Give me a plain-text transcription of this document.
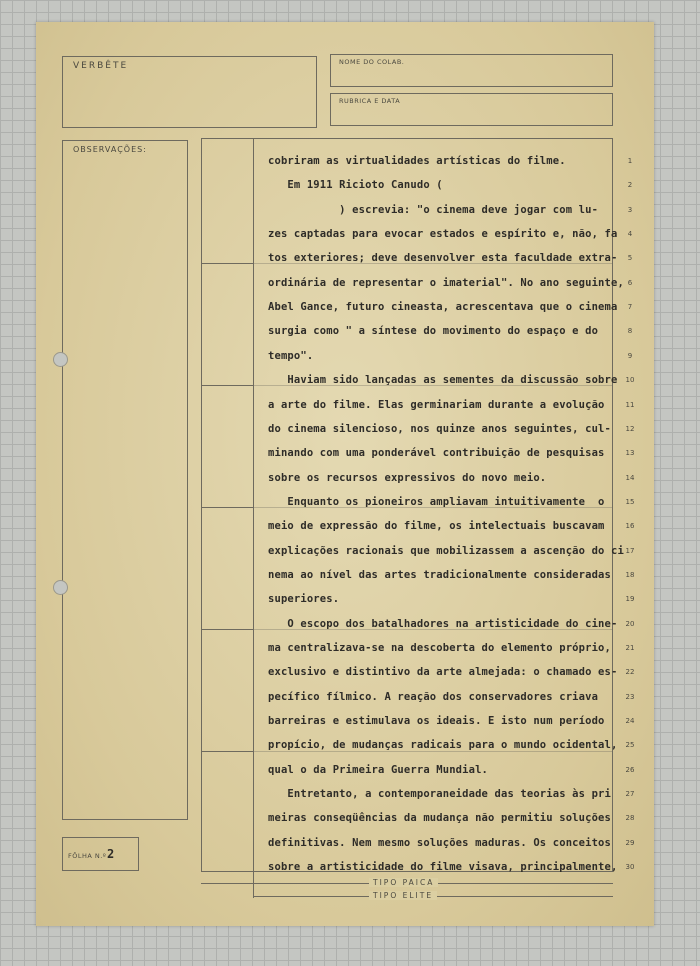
VERBÊTE	NOME DO COLAB.
RUBRICA E DATA
OBSERVAÇÕES:
FÔLHA N.º 2
TIPO PAICA
TIPO ELITE
cobriram as virtualidades artísticas do filme.
Em 1911 Ricioto Canudo (
) escrevia: "o cinema deve jogar com lu-
zes captadas para evocar estados e espírito e, não, fa
tos exteriores; deve desenvolver esta faculdade extra-
ordinária de representar o imaterial". No ano seguinte,
Abel Gance, futuro cineasta, acrescentava que o cinema
surgia como " a síntese do movimento do espaço e do
tempo".
Haviam sido lançadas as sementes da discussão sobre
a arte do filme. Elas germinariam durante a evolução
do cinema silencioso, nos quinze anos seguintes, cul-
minando com uma ponderável contribuição de pesquisas
sobre os recursos expressivos do novo meio.
Enquanto os pioneiros ampliavam intuitivamente  o
meio de expressão do filme, os intelectuais buscavam
explicações racionais que mobilizassem a ascenção do ci
nema ao nível das artes tradicionalmente consideradas
superiores.
O escopo dos batalhadores na artisticidade do cine-
ma centralizava-se na descoberta do elemento próprio,
exclusivo e distintivo da arte almejada: o chamado es-
pecífico fílmico. A reação dos conservadores criava
barreiras e estimulava os ideais. E isto num período
propício, de mudanças radicais para o mundo ocidental,
qual o da Primeira Guerra Mundial.
Entretanto, a contemporaneidade das teorias às pri
meiras conseqüências da mudança não permitiu soluções
definitivas. Nem mesmo soluções maduras. Os conceitos
sobre a artisticidade do filme visava, principalmente,
1
2
3
4
5
6
7
8
9
10
11
12
13
14
15
16
17
18
19
20
21
22
23
24
25
26
27
28
29
30
